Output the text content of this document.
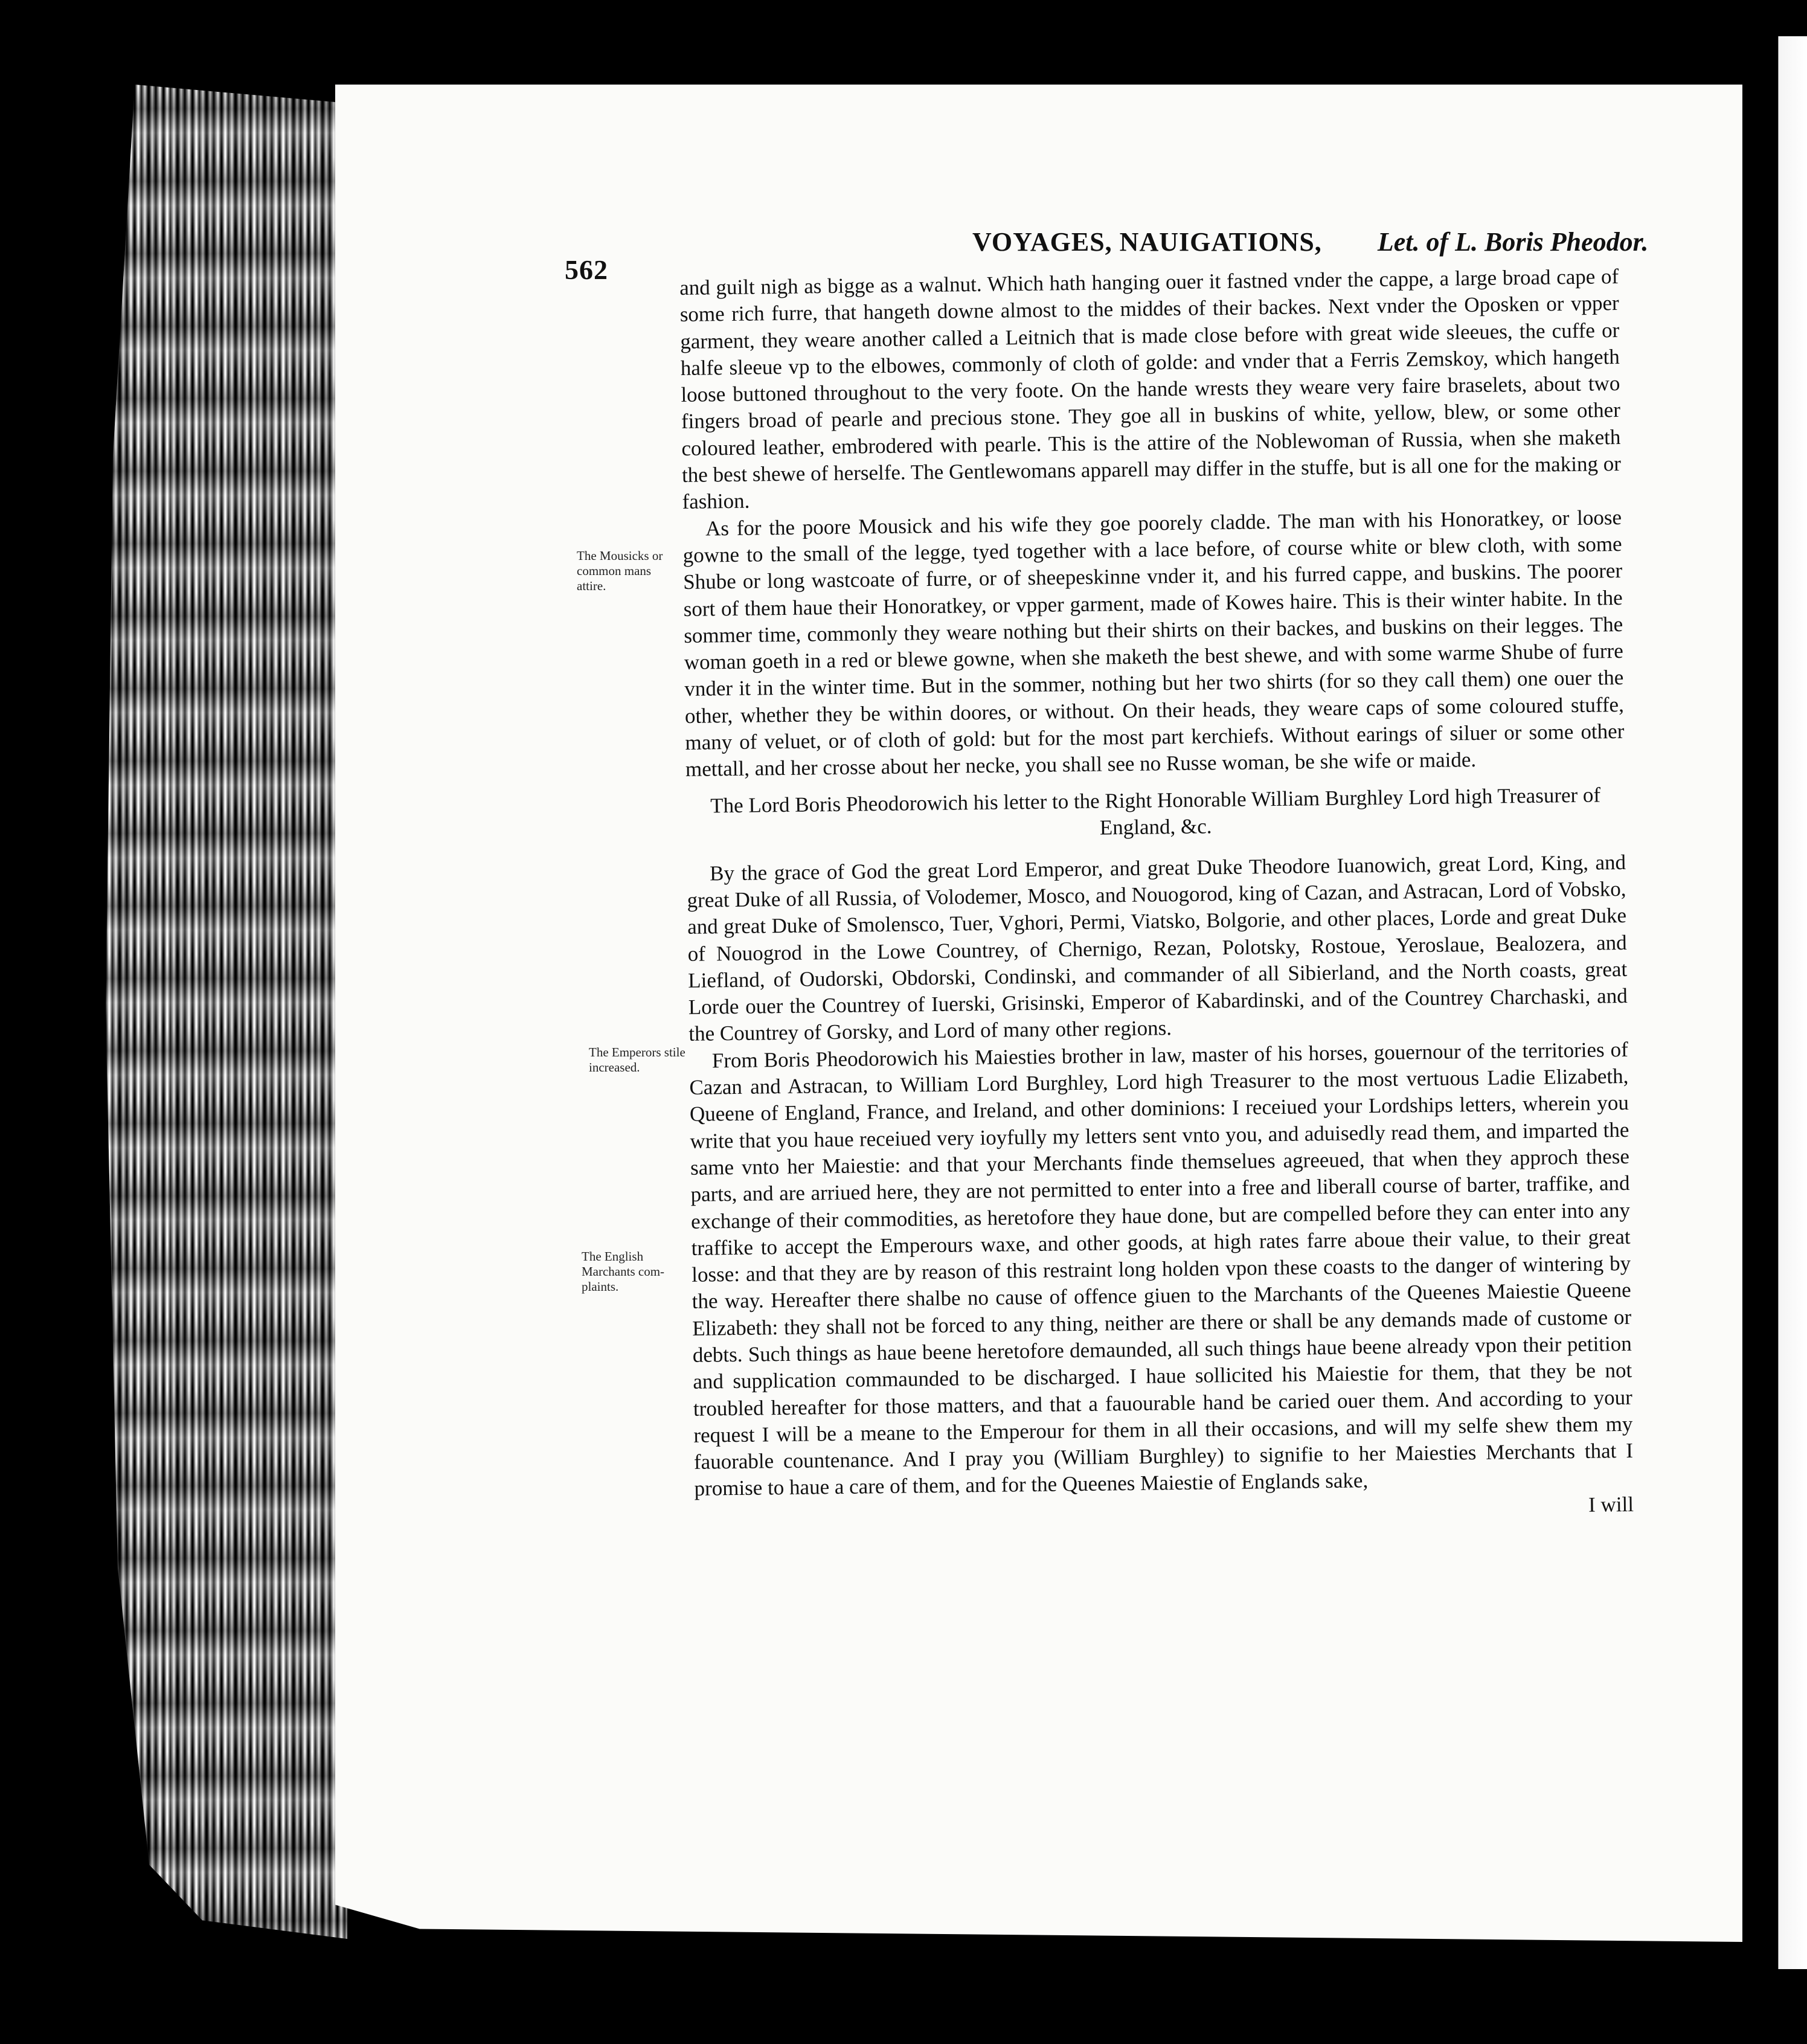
562
VOYAGES, NAUIGATIONS, Let. of L. Boris Pheodor.
The Mousicks or common mans attire.
The Emperors stile increased.
The English Marchants com-plaints.

and guilt nigh as bigge as a walnut. Which hath hanging ouer it fastned vnder the cappe, a large broad cape of some rich furre, that hangeth downe almost to the middes of their backes. Next vnder the Oposken or vpper garment, they weare another called a Leitnich that is made close before with great wide sleeues, the cuffe or halfe sleeue vp to the elbowes, commonly of cloth of golde: and vnder that a Ferris Zemskoy, which hangeth loose buttoned throughout to the very foote. On the hande wrests they weare very faire braselets, about two fingers broad of pearle and precious stone. They goe all in buskins of white, yellow, blew, or some other coloured leather, embrodered with pearle. This is the attire of the Noblewoman of Russia, when she maketh the best shewe of herselfe. The Gentlewomans apparell may differ in the stuffe, but is all one for the making or fashion.

As for the poore Mousick and his wife they goe poorely cladde. The man with his Honoratkey, or loose gowne to the small of the legge, tyed together with a lace before, of course white or blew cloth, with some Shube or long wastcoate of furre, or of sheepeskinne vnder it, and his furred cappe, and buskins. The poorer sort of them haue their Honoratkey, or vpper garment, made of Kowes haire. This is their winter habite. In the sommer time, commonly they weare nothing but their shirts on their backes, and buskins on their legges. The woman goeth in a red or blewe gowne, when she maketh the best shewe, and with some warme Shube of furre vnder it in the winter time. But in the sommer, nothing but her two shirts (for so they call them) one ouer the other, whether they be within doores, or without. On their heads, they weare caps of some coloured stuffe, many of veluet, or of cloth of gold: but for the most part kerchiefs. Without earings of siluer or some other mettall, and her crosse about her necke, you shall see no Russe woman, be she wife or maide.

The Lord Boris Pheodorowich his letter to the Right Honorable William Burghley Lord high Treasurer of England, &c.

By the grace of God the great Lord Emperor, and great Duke Theodore Iuanowich, great Lord, King, and great Duke of all Russia, of Volodemer, Mosco, and Nouogorod, king of Cazan, and Astracan, Lord of Vobsko, and great Duke of Smolensco, Tuer, Vghori, Permi, Viatsko, Bolgorie, and other places, Lorde and great Duke of Nouogrod in the Lowe Countrey, of Chernigo, Rezan, Polotsky, Rostoue, Yeroslaue, Bealozera, and Liefland, of Oudorski, Obdorski, Condinski, and commander of all Sibierland, and the North coasts, great Lorde ouer the Countrey of Iuerski, Grisinski, Emperor of Kabardinski, and of the Countrey Charchaski, and the Countrey of Gorsky, and Lord of many other regions.

From Boris Pheodorowich his Maiesties brother in law, master of his horses, gouernour of the territories of Cazan and Astracan, to William Lord Burghley, Lord high Treasurer to the most vertuous Ladie Elizabeth, Queene of England, France, and Ireland, and other dominions: I receiued your Lordships letters, wherein you write that you haue receiued very ioyfully my letters sent vnto you, and aduisedly read them, and imparted the same vnto her Maiestie: and that your Merchants finde themselues agreeued, that when they approch these parts, and are arriued here, they are not permitted to enter into a free and liberall course of barter, traffike, and exchange of their commodities, as heretofore they haue done, but are compelled before they can enter into any traffike to accept the Emperours waxe, and other goods, at high rates farre aboue their value, to their great losse: and that they are by reason of this restraint long holden vpon these coasts to the danger of wintering by the way. Hereafter there shalbe no cause of offence giuen to the Marchants of the Queenes Maiestie Queene Elizabeth: they shall not be forced to any thing, neither are there or shall be any demands made of custome or debts. Such things as haue beene heretofore demaunded, all such things haue beene already vpon their petition and supplication commaunded to be discharged. I haue sollicited his Maiestie for them, that they be not troubled hereafter for those matters, and that a fauourable hand be caried ouer them. And according to your request I will be a meane to the Emperour for them in all their occasions, and will my selfe shew them my fauorable countenance. And I pray you (William Burghley) to signifie to her Maiesties Merchants that I promise to haue a care of them, and for the Queenes Maiestie of Englands sake,

I will
